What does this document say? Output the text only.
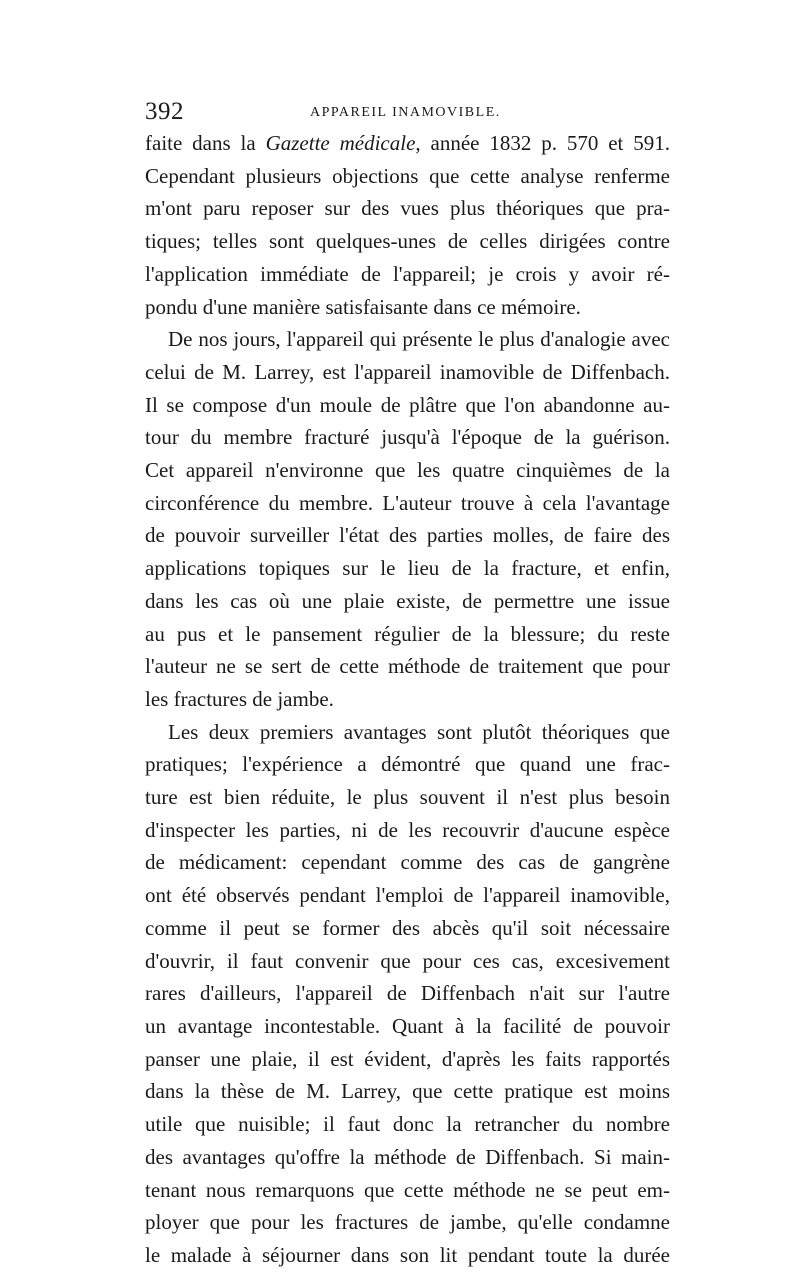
392	APPAREIL INAMOVIBLE.
faite dans la Gazette médicale, année 1832 p. 570 et 591.
Cependant plusieurs objections que cette analyse renferme
m'ont paru reposer sur des vues plus théoriques que pra-
tiques; telles sont quelques-unes de celles dirigées contre
l'application immédiate de l'appareil; je crois y avoir ré-
pondu d'une manière satisfaisante dans ce mémoire.
De nos jours, l'appareil qui présente le plus d'analogie avec
celui de M. Larrey, est l'appareil inamovible de Diffenbach.
Il se compose d'un moule de plâtre que l'on abandonne au-
tour du membre fracturé jusqu'à l'époque de la guérison.
Cet appareil n'environne que les quatre cinquièmes de la
circonférence du membre. L'auteur trouve à cela l'avantage
de pouvoir surveiller l'état des parties molles, de faire des
applications topiques sur le lieu de la fracture, et enfin,
dans les cas où une plaie existe, de permettre une issue
au pus et le pansement régulier de la blessure; du reste
l'auteur ne se sert de cette méthode de traitement que pour
les fractures de jambe.
Les deux premiers avantages sont plutôt théoriques que
pratiques; l'expérience a démontré que quand une frac-
ture est bien réduite, le plus souvent il n'est plus besoin
d'inspecter les parties, ni de les recouvrir d'aucune espèce
de médicament: cependant comme des cas de gangrène
ont été observés pendant l'emploi de l'appareil inamovible,
comme il peut se former des abcès qu'il soit nécessaire
d'ouvrir, il faut convenir que pour ces cas, excesivement
rares d'ailleurs, l'appareil de Diffenbach n'ait sur l'autre
un avantage incontestable. Quant à la facilité de pouvoir
panser une plaie, il est évident, d'après les faits rapportés
dans la thèse de M. Larrey, que cette pratique est moins
utile que nuisible; il faut donc la retrancher du nombre
des avantages qu'offre la méthode de Diffenbach. Si main-
tenant nous remarquons que cette méthode ne se peut em-
ployer que pour les fractures de jambe, qu'elle condamne
le malade à séjourner dans son lit pendant toute la durée
